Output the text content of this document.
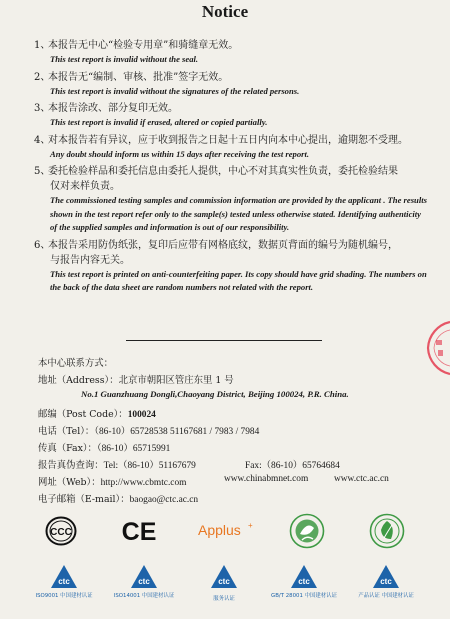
Notice
1、本报告无中心“检验专用章”和骑缝章无效。
This test report is invalid without the seal.
2、本报告无“编制、审核、批准”签字无效。
This test report is invalid without the signatures of the related persons.
3、本报告涂改、部分复印无效。
This test report is invalid if erased, altered or copied partially.
4、对本报告若有异议，应于收到报告之日起十五日内向本中心提出，逾期恕不受理。
Any doubt should inform us within 15 days after receiving the test report.
5、委托检验样品和委托信息由委托人提供，中心不对其真实性负责，委托检验结果
仅对来样负责。
The commissioned testing samples and commission information are provided by the applicant . The results shown in the test report refer only to the sample(s) tested unless otherwise stated. Identifying authenticity of the supplied samples and information is out of our responsibility.
6、本报告采用防伪纸张，复印后应带有网格底纹，数据页背面的编号为随机编号，
与报告内容无关。
This test report is printed on anti-counterfeiting paper. Its copy should have grid shading. The numbers on the back of the data sheet are random numbers not related with the report.
本中心联系方式：
地址（Address）：北京市朝阳区管庄东里 1 号
No.1 Guanzhuang Dongli,Chaoyang District, Beijing 100024, P.R. China.
邮编（Post Code）：100024
电话（Tel）：（86-10）65728538 51167681 / 7983 / 7984
传真（Fax）：（86-10）65715991
报告真伪查询：Tel:（86-10）51167679	Fax:（86-10）65764684
网址（Web）：http://www.cbmtc.com	www.chinabmnet.com	www.ctc.ac.cn
电子邮箱（E-mail）：baogao@ctc.ac.cn
CCC CE	Applus +
ctc
ISO9001 中国建材认证
ctc
ISO14001 中国建材认证
ctc
服务认证
ctc
GB/T 28001 中国建材认证
ctc
产品认证 中国建材认证
